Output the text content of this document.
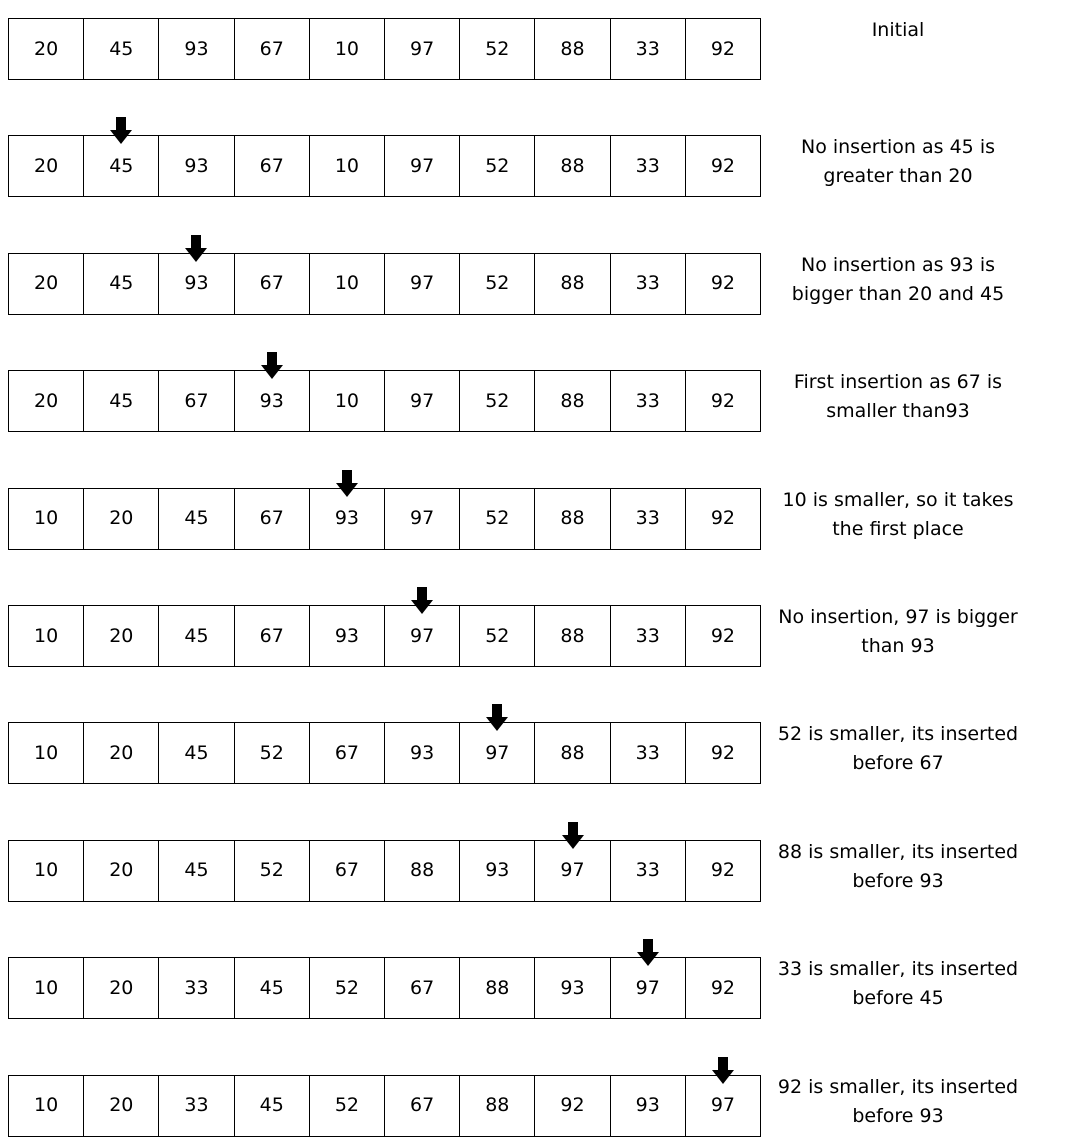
20	45	93	67	10	97	52	88	33	92
Initial
20	45	93	67	10	97	52	88	33	92
No insertion as 45 is
greater than 20
20	45	93	67	10	97	52	88	33	92
No insertion as 93 is
bigger than 20 and 45
20	45	67	93	10	97	52	88	33	92
First insertion as 67 is
smaller than93
10	20	45	67	93	97	52	88	33	92
10 is smaller, so it takes
the first place
10	20	45	67	93	97	52	88	33	92
No insertion, 97 is bigger
than 93
10	20	45	52	67	93	97	88	33	92
52 is smaller, its inserted
before 67
10	20	45	52	67	88	93	97	33	92
88 is smaller, its inserted
before 93
10	20	33	45	52	67	88	93	97	92
33 is smaller, its inserted
before 45
10	20	33	45	52	67	88	92	93	97
92 is smaller, its inserted
before 93
